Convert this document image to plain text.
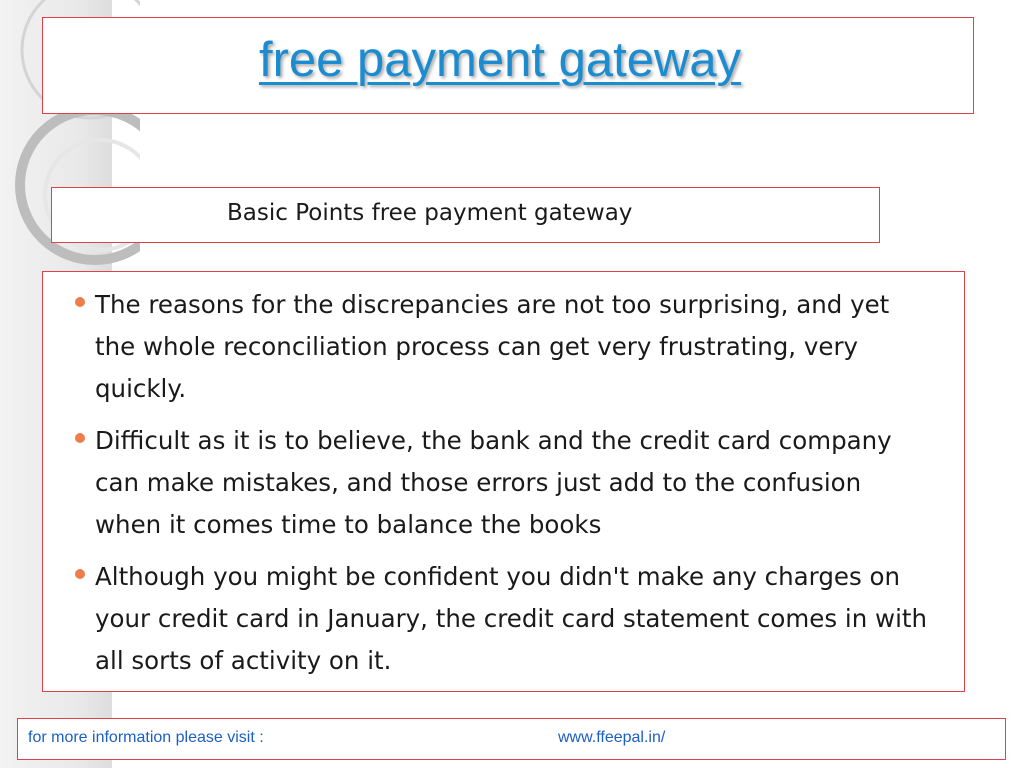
free payment gateway
Basic Points free payment gateway
The reasons for the discrepancies are not too surprising, and yet the whole reconciliation process can get very frustrating, very quickly.
Difficult as it is to believe, the bank and the credit card company can make mistakes, and those errors just add to the confusion when it comes time to balance the books
Although you might be confident you didn't make any charges on your credit card in January, the credit card statement comes in with all sorts of activity on it.
for more information please visit :	www.ffeepal.in/
